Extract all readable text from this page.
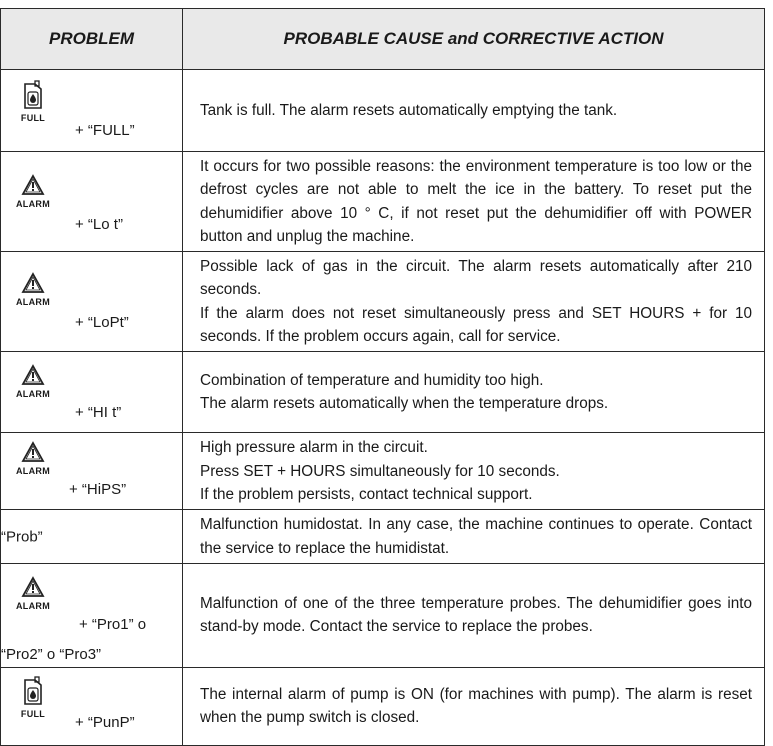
PROBLEM	PROBABLE CAUSE and CORRECTIVE ACTION

FULL
+ “FULL”	Tank is full. The alarm resets automatically emptying the tank.

ALARM
+ “Lo t”	It occurs for two possible reasons: the environment temperature is too low or the defrost cycles are not able to melt the ice in the battery. To reset put the dehumidifier above 10 ° C, if not reset put the dehumidifier off with POWER button and unplug the machine.

ALARM
+ “LoPt”	Possible lack of gas in the circuit. The alarm resets automatically after 210 seconds.
If the alarm does not reset simultaneously press and SET HOURS + for 10 seconds. If the problem occurs again, call for service.

ALARM
+ “HI t”	Combination of temperature and humidity too high.
The alarm resets automatically when the temperature drops.

ALARM
+ “HiPS”	High pressure alarm in the circuit.
Press SET + HOURS simultaneously for 10 seconds.
If the problem persists, contact technical support.

“Prob”	Malfunction humidostat. In any case, the machine continues to operate. Contact the service to replace the humidistat.

ALARM
+ “Pro1” o
“Pro2” o “Pro3”	Malfunction of one of the three temperature probes. The dehumidifier goes into stand-by mode. Contact the service to replace the probes.

FULL + “PunP”	The internal alarm of pump is ON (for machines with pump). The alarm is reset when the pump switch is closed.
